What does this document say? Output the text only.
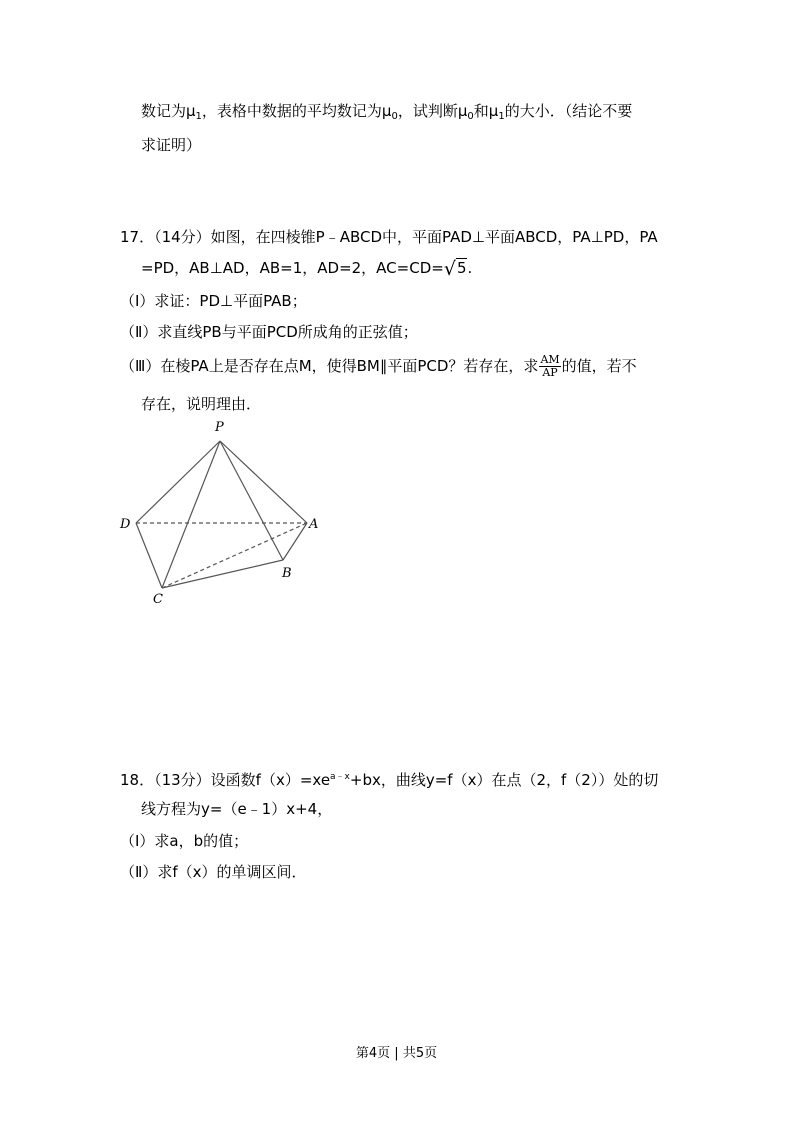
数记为$\mu_1$，表格中数据的平均数记为$\mu_0$，试判断$\mu_0$和$\mu_1$的大小．（结论不要
求证明）
17．（14分）如图，在四棱锥P﹣ABCD中，平面PAD⊥平面ABCD，PA⊥PD，PA
=PD，AB⊥AD，AB=1，AD=2，AC=CD=√5.
（Ⅰ）求证：PD⊥平面PAB；
（Ⅱ）求直线PB与平面PCD所成角的正弦值；
（Ⅲ）在棱PA上是否存在点M，使得BM∥平面PCD？若存在，求 $\frac{AM}{AP}$ 的值，若不
存在，说明理由．
P
D	A
B
C
18．（13分）设函数$f(x)=xe^{a﹣x}+bx$，曲线y=f（x）在点（2，f（2））处的切
线方程为y=（e﹣1）x+4，
（Ⅰ）求a，b的值；
（Ⅱ）求f（x）的单调区间．
第4页 | 共5页
